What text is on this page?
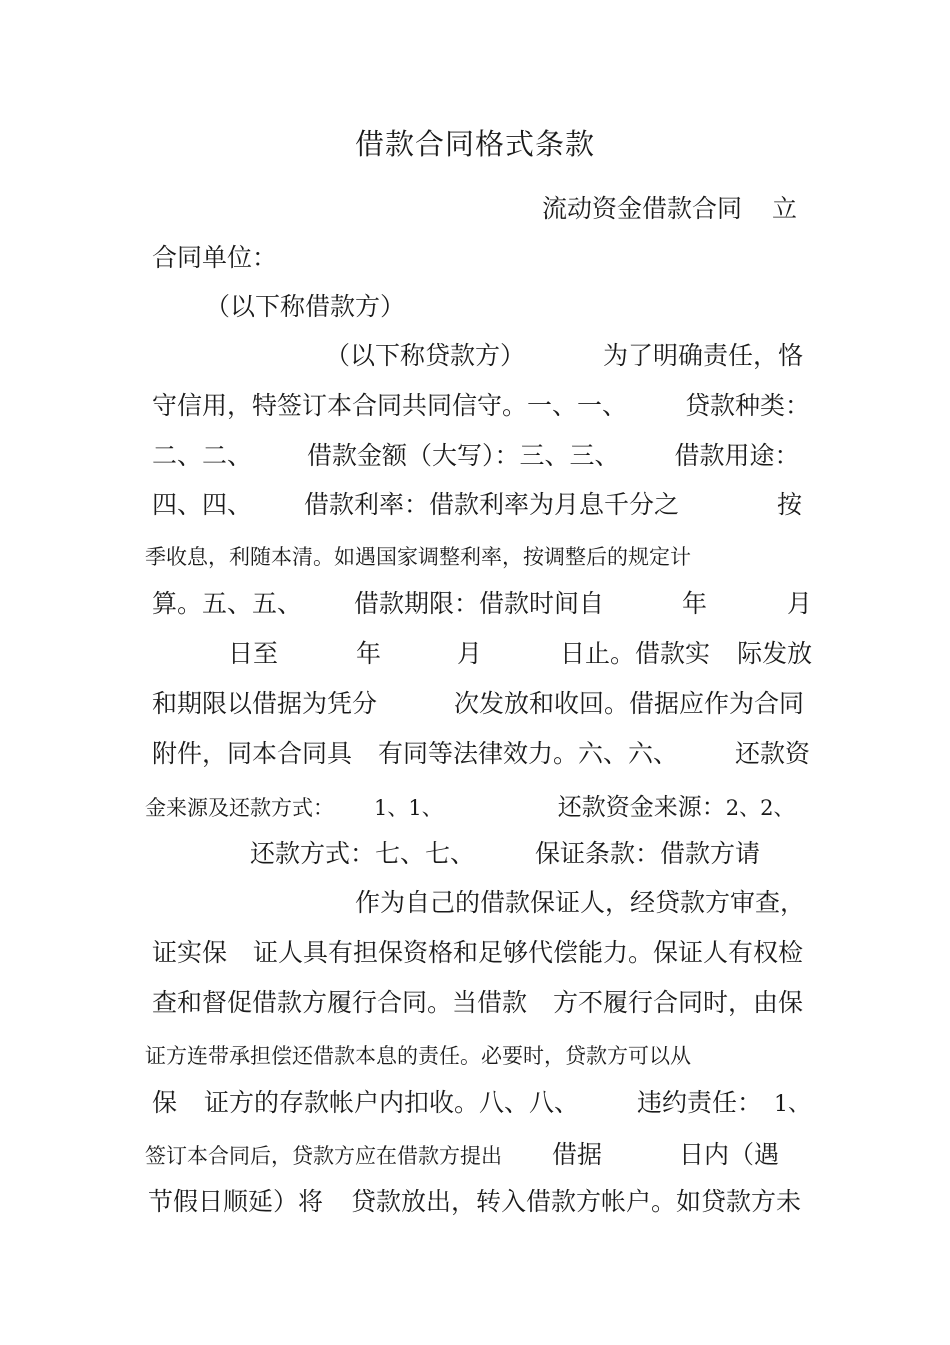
借款合同格式条款
流动资金借款合同 立
合同单位：
（以下称借款方）
（以下称贷款方）	为了明确责任，恪
守信用，特签订本合同共同信守。一、一、 贷款种类：
二、二、 借款金额（大写）：三、三、 借款用途：
四、四、 借款利率：借款利率为月息千分之	按
季收息，利随本清。如遇国家调整利率，按调整后的规定计
算。五、五、 借款期限：借款时间自	年	月
日至	年	月	日止。借款实 际发放
和期限以借据为凭分	次发放和收回。借据应作为合同
附件，同本合同具 有同等法律效力。六、六、 还款资
金来源及还款方式： 1、1、	还款资金来源：2、2、
还款方式：七、七、 保证条款：借款方请
作为自己的借款保证人，经贷款方审查，
证实保 证人具有担保资格和足够代偿能力。保证人有权检
查和督促借款方履行合同。当借款 方不履行合同时，由保
证方连带承担偿还借款本息的责任。必要时，贷款方可以从
保 证方的存款帐户内扣收。八、八、 违约责任： 1、
签订本合同后，贷款方应在借款方提出 借据	日内（遇
节假日顺延）将 贷款放出，转入借款方帐户。如贷款方未
